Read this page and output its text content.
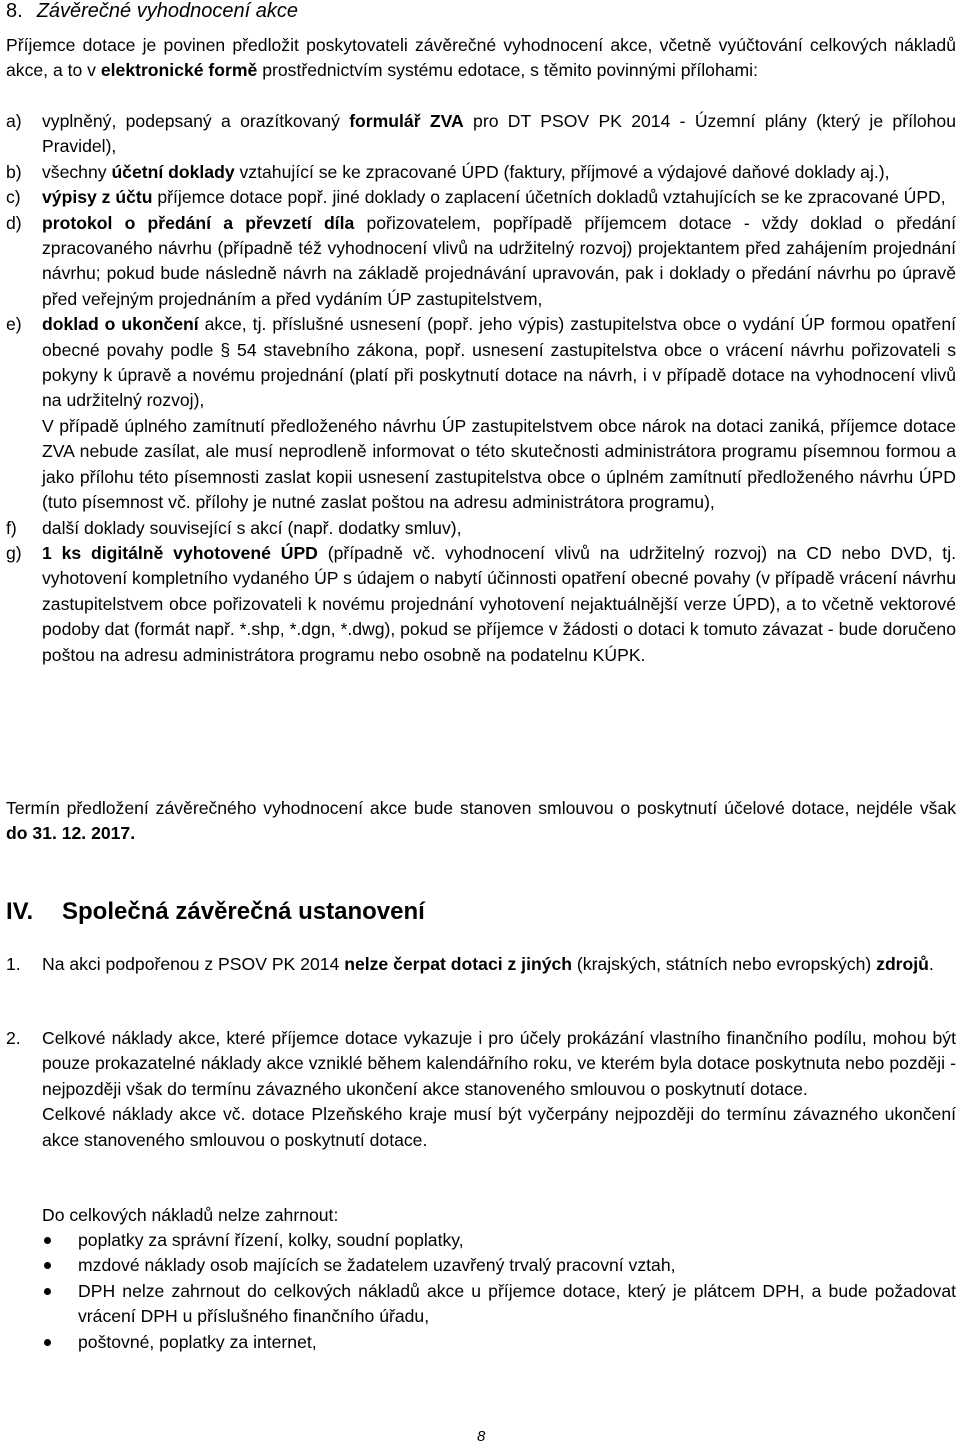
8. Závěrečné vyhodnocení akce
Příjemce dotace je povinen předložit poskytovateli závěrečné vyhodnocení akce, včetně vyúčtování celkových nákladů akce, a to v elektronické formě prostřednictvím systému edotace, s těmito povinnými přílohami:
a) vyplněný, podepsaný a orazítkovaný formulář ZVA pro DT PSOV PK 2014 - Územní plány (který je přílohou Pravidel),
b) všechny účetní doklady vztahující se ke zpracované ÚPD (faktury, příjmové a výdajové daňové doklady aj.),
c) výpisy z účtu příjemce dotace popř. jiné doklady o zaplacení účetních dokladů vztahujících se ke zpracované ÚPD,
d) protokol o předání a převzetí díla pořizovatelem, popřípadě příjemcem dotace - vždy doklad o předání zpracovaného návrhu (případně též vyhodnocení vlivů na udržitelný rozvoj) projektantem před zahájením projednání návrhu; pokud bude následně návrh na základě projednávání upravován, pak i doklady o předání návrhu po úpravě před veřejným projednáním a před vydáním ÚP zastupitelstvem,
e) doklad o ukončení akce, tj. příslušné usnesení (popř. jeho výpis) zastupitelstva obce o vydání ÚP formou opatření obecné povahy podle § 54 stavebního zákona, popř. usnesení zastupitelstva obce o vrácení návrhu pořizovateli s pokyny k úpravě a novému projednání (platí při poskytnutí dotace na návrh, i v případě dotace na vyhodnocení vlivů na udržitelný rozvoj),
V případě úplného zamítnutí předloženého návrhu ÚP zastupitelstvem obce nárok na dotaci zaniká, příjemce dotace ZVA nebude zasílat, ale musí neprodleně informovat o této skutečnosti administrátora programu písemnou formou a jako přílohu této písemnosti zaslat kopii usnesení zastupitelstva obce o úplném zamítnutí předloženého návrhu ÚPD (tuto písemnost vč. přílohy je nutné zaslat poštou na adresu administrátora programu),
f) další doklady související s akcí (např. dodatky smluv),
g) 1 ks digitálně vyhotovené ÚPD (případně vč. vyhodnocení vlivů na udržitelný rozvoj) na CD nebo DVD, tj. vyhotovení kompletního vydaného ÚP s údajem o nabytí účinnosti opatření obecné povahy (v případě vrácení návrhu zastupitelstvem obce pořizovateli k novému projednání vyhotovení nejaktuálnější verze ÚPD), a to včetně vektorové podoby dat (formát např. *.shp, *.dgn, *.dwg), pokud se příjemce v žádosti o dotaci k tomuto závazat - bude doručeno poštou na adresu administrátora programu nebo osobně na podatelnu KÚPK.
Termín předložení závěrečného vyhodnocení akce bude stanoven smlouvou o poskytnutí účelové dotace, nejdéle však do 31. 12. 2017.
IV. Společná závěrečná ustanovení
1. Na akci podpořenou z PSOV PK 2014 nelze čerpat dotaci z jiných (krajských, státních nebo evropských) zdrojů.
2. Celkové náklady akce, které příjemce dotace vykazuje i pro účely prokázání vlastního finančního podílu, mohou být pouze prokazatelné náklady akce vzniklé během kalendářního roku, ve kterém byla dotace poskytnuta nebo později - nejpozději však do termínu závazného ukončení akce stanoveného smlouvou o poskytnutí dotace.
Celkové náklady akce vč. dotace Plzeňského kraje musí být vyčerpány nejpozději do termínu závazného ukončení akce stanoveného smlouvou o poskytnutí dotace.
Do celkových nákladů nelze zahrnout:
poplatky za správní řízení, kolky, soudní poplatky,
mzdové náklady osob majících se žadatelem uzavřený trvalý pracovní vztah,
DPH nelze zahrnout do celkových nákladů akce u příjemce dotace, který je plátcem DPH, a bude požadovat vrácení DPH u příslušného finančního úřadu,
poštovné, poplatky za internet,
8
